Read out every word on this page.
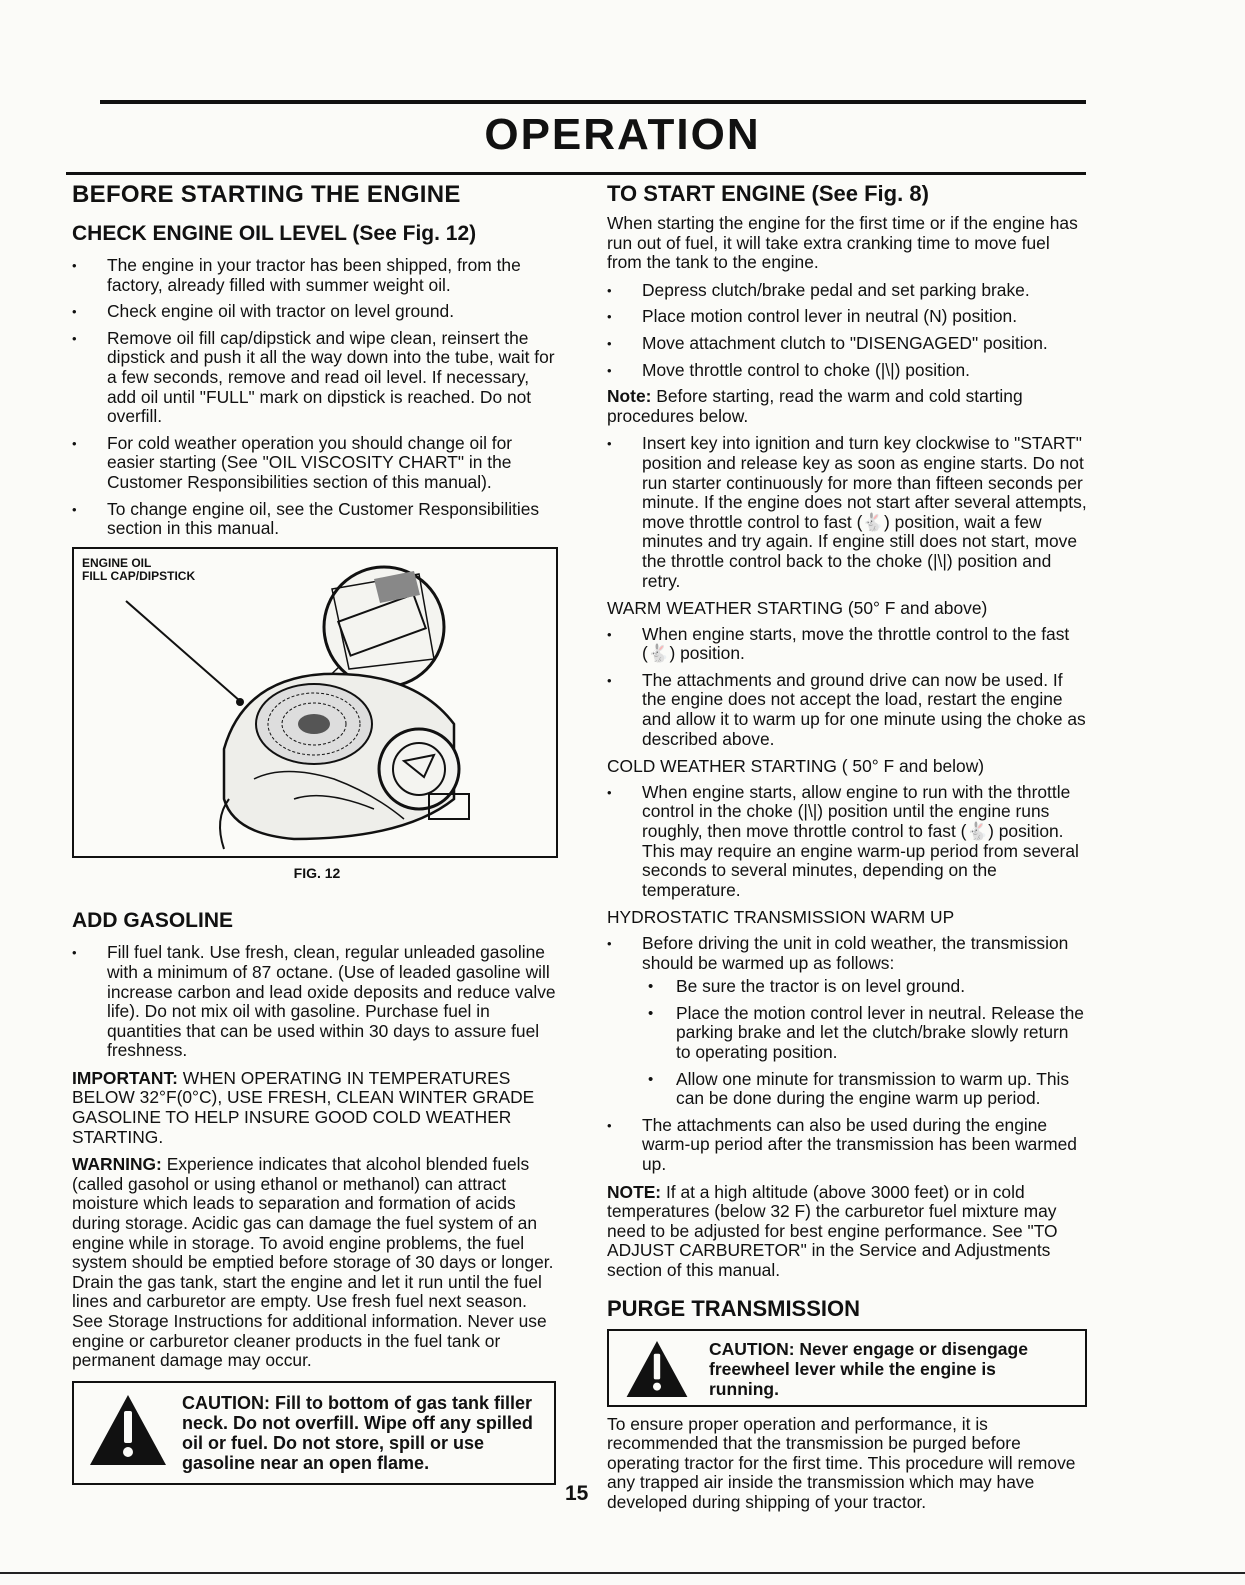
OPERATION
BEFORE STARTING THE ENGINE
CHECK ENGINE OIL LEVEL (See Fig. 12)
• The engine in your tractor has been shipped, from the factory, already filled with summer weight oil.
• Check engine oil with tractor on level ground.
• Remove oil fill cap/dipstick and wipe clean, reinsert the dipstick and push it all the way down into the tube, wait for a few seconds, remove and read oil level. If necessary, add oil until "FULL" mark on dipstick is reached. Do not overfill.
• For cold weather operation you should change oil for easier starting (See "OIL VISCOSITY CHART" in the Customer Responsibilities section of this manual).
• To change engine oil, see the Customer Responsibilities section in this manual.
ENGINE OIL
FILL CAP/DIPSTICK
FIG. 12
ADD GASOLINE
• Fill fuel tank. Use fresh, clean, regular unleaded gasoline with a minimum of 87 octane. (Use of leaded gasoline will increase carbon and lead oxide deposits and reduce valve life). Do not mix oil with gasoline. Purchase fuel in quantities that can be used within 30 days to assure fuel freshness.

IMPORTANT: WHEN OPERATING IN TEMPERATURES BELOW 32°F(0°C), USE FRESH, CLEAN WINTER GRADE GASOLINE TO HELP INSURE GOOD COLD WEATHER STARTING.

WARNING: Experience indicates that alcohol blended fuels (called gasohol or using ethanol or methanol) can attract moisture which leads to separation and formation of acids during storage. Acidic gas can damage the fuel system of an engine while in storage. To avoid engine problems, the fuel system should be emptied before storage of 30 days or longer. Drain the gas tank, start the engine and let it run until the fuel lines and carburetor are empty. Use fresh fuel next season. See Storage Instructions for additional information. Never use engine or carburetor cleaner products in the fuel tank or permanent damage may occur.

CAUTION: Fill to bottom of gas tank filler neck. Do not overfill. Wipe off any spilled oil or fuel. Do not store, spill or use gasoline near an open flame.
TO START ENGINE (See Fig. 8)

When starting the engine for the first time or if the engine has run out of fuel, it will take extra cranking time to move fuel from the tank to the engine.

• Depress clutch/brake pedal and set parking brake.
• Place motion control lever in neutral (N) position.
• Move attachment clutch to "DISENGAGED" position.
• Move throttle control to choke (|\|) position.

Note: Before starting, read the warm and cold starting procedures below.

• Insert key into ignition and turn key clockwise to "START" position and release key as soon as engine starts. Do not run starter continuously for more than fifteen seconds per minute. If the engine does not start after several attempts, move throttle control to fast (🐇) position, wait a few minutes and try again. If engine still does not start, move the throttle control back to the choke (|\|) position and retry.

WARM WEATHER STARTING (50° F and above)

• When engine starts, move the throttle control to the fast (🐇) position.
• The attachments and ground drive can now be used. If the engine does not accept the load, restart the engine and allow it to warm up for one minute using the choke as described above.

COLD WEATHER STARTING ( 50° F and below)

• When engine starts, allow engine to run with the throttle control in the choke (|\|) position until the engine runs roughly, then move throttle control to fast (🐇) position. This may require an engine warm-up period from several seconds to several minutes, depending on the temperature.

HYDROSTATIC TRANSMISSION WARM UP

• Before driving the unit in cold weather, the transmission should be warmed up as follows:
• Be sure the tractor is on level ground.
• Place the motion control lever in neutral. Release the parking brake and let the clutch/brake slowly return to operating position.
• Allow one minute for transmission to warm up. This can be done during the engine warm up period.
• The attachments can also be used during the engine warm-up period after the transmission has been warmed up.

NOTE: If at a high altitude (above 3000 feet) or in cold temperatures (below 32 F) the carburetor fuel mixture may need to be adjusted for best engine performance. See "TO ADJUST CARBURETOR" in the Service and Adjustments section of this manual.

PURGE TRANSMISSION
CAUTION: Never engage or disengage freewheel lever while the engine is running.

To ensure proper operation and performance, it is recommended that the transmission be purged before operating tractor for the first time. This procedure will remove any trapped air inside the transmission which may have developed during shipping of your tractor.

15
